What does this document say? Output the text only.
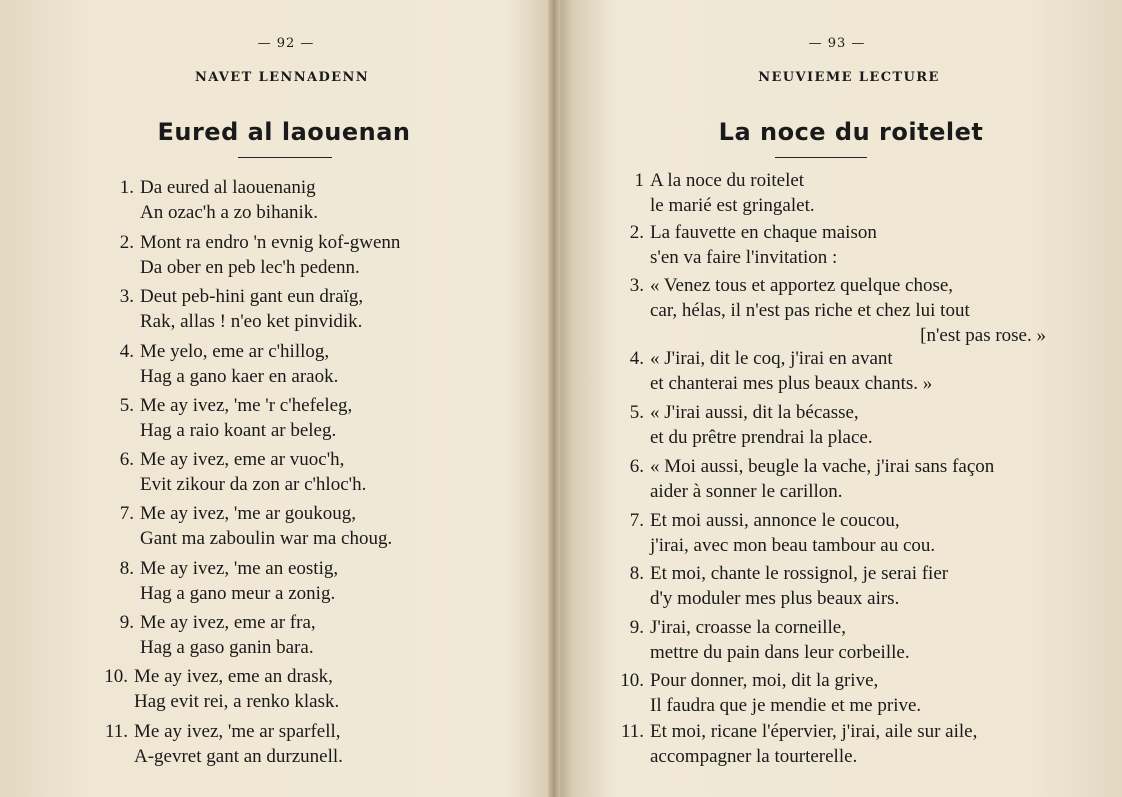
— 92 —
NAVET LENNADENN
Eured al laouenan
1. Da eured al laouenanig
An ozac'h a zo bihanik.
2. Mont ra endro 'n evnig kof-gwenn
Da ober en peb lec'h pedenn.
3. Deut peb-hini gant eun draïg,
Rak, allas ! n'eo ket pinvidik.
4. Me yelo, eme ar c'hillog,
Hag a gano kaer en araok.
5. Me ay ivez, 'me 'r c'hefeleg,
Hag a raio koant ar beleg.
6. Me ay ivez, eme ar vuoc'h,
Evit zikour da zon ar c'hloc'h.
7. Me ay ivez, 'me ar goukoug,
Gant ma zaboulin war ma choug.
8. Me ay ivez, 'me an eostig,
Hag a gano meur a zonig.
9. Me ay ivez, eme ar fra,
Hag a gaso ganin bara.
10. Me ay ivez, eme an drask,
Hag evit rei, a renko klask.
11. Me ay ivez, 'me ar sparfell,
A-gevret gant an durzunell.
— 93 —
NEUVIEME LECTURE
La noce du roitelet
1 A la noce du roitelet
le marié est gringalet.
2. La fauvette en chaque maison
s'en va faire l'invitation :
3. « Venez tous et apportez quelque chose,
car, hélas, il n'est pas riche et chez lui tout
[n'est pas rose. »
4. « J'irai, dit le coq, j'irai en avant
et chanterai mes plus beaux chants. »
5. « J'irai aussi, dit la bécasse,
et du prêtre prendrai la place.
6. « Moi aussi, beugle la vache, j'irai sans façon
aider à sonner le carillon.
7. Et moi aussi, annonce le coucou,
j'irai, avec mon beau tambour au cou.
8. Et moi, chante le rossignol, je serai fier
d'y moduler mes plus beaux airs.
9. J'irai, croasse la corneille,
mettre du pain dans leur corbeille.
10. Pour donner, moi, dit la grive,
Il faudra que je mendie et me prive.
11. Et moi, ricane l'épervier, j'irai, aile sur aile,
accompagner la tourterelle.
